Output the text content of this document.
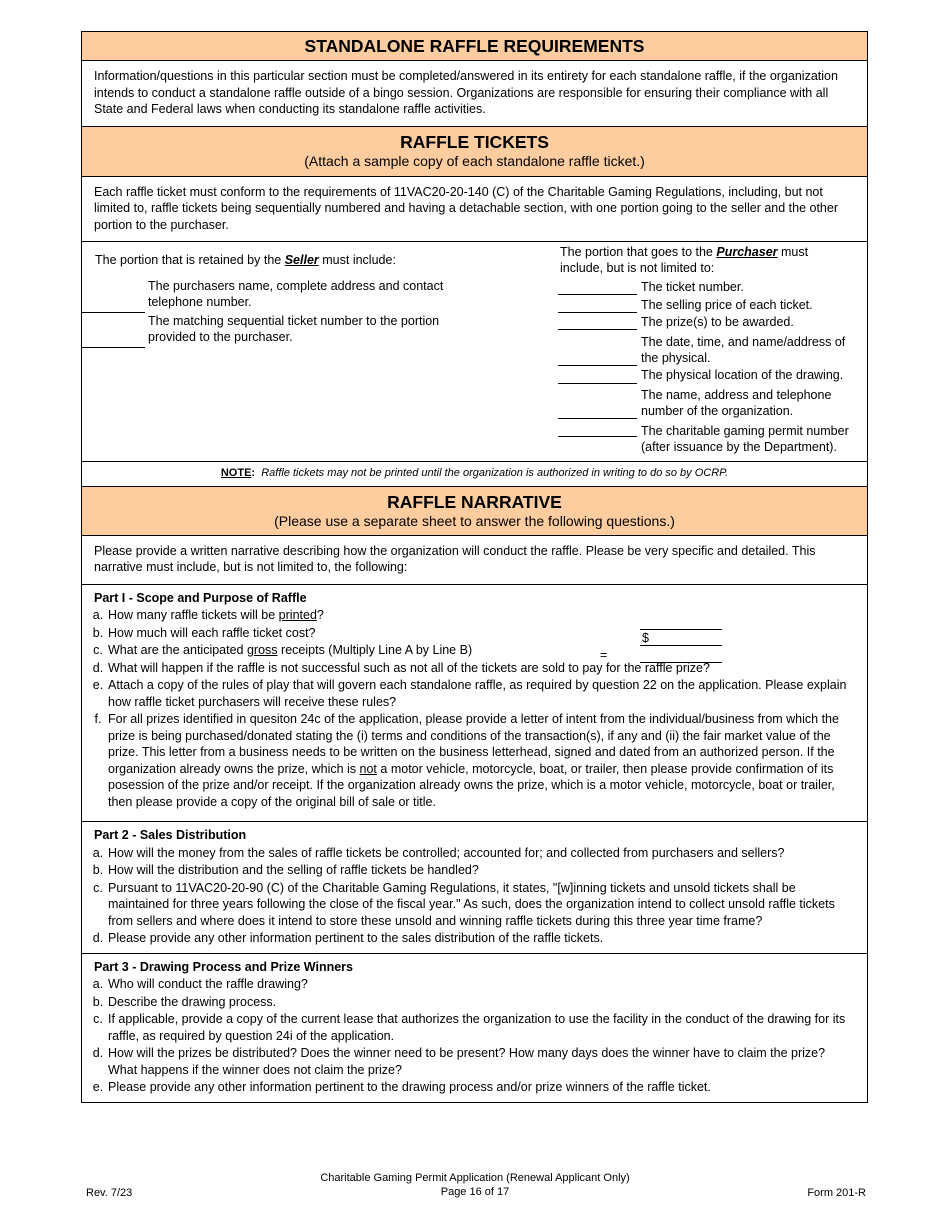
STANDALONE RAFFLE REQUIREMENTS
Information/questions in this particular section must be completed/answered in its entirety for each standalone raffle, if the organization intends to conduct a standalone raffle outside of a bingo session. Organizations are responsible for ensuring their compliance with all State and Federal laws when conducting its standalone raffle activities.
RAFFLE TICKETS
(Attach a sample copy of each standalone raffle ticket.)
Each raffle ticket must conform to the requirements of 11VAC20-20-140 (C) of the Charitable Gaming Regulations, including, but not limited to, raffle tickets being sequentially numbered and having a detachable section, with one portion going to the seller and the other portion to the purchaser.
The portion that is retained by the Seller must include:
The purchasers name, complete address and contact telephone number.
The matching sequential ticket number to the portion provided to the purchaser.
The portion that goes to the Purchaser must include, but is not limited to:
The ticket number.
The selling price of each ticket.
The prize(s) to be awarded.
The date, time, and name/address of the physical.
The physical location of the drawing.
The name, address and telephone number of the organization.
The charitable gaming permit number (after issuance by the Department).
NOTE: Raffle tickets may not be printed until the organization is authorized in writing to do so by OCRP.
RAFFLE NARRATIVE
(Please use a separate sheet to answer the following questions.)
Please provide a written narrative describing how the organization will conduct the raffle. Please be very specific and detailed. This narrative must include, but is not limited to, the following:
Part I - Scope and Purpose of Raffle
a. How many raffle tickets will be printed?
b. How much will each raffle ticket cost?
c. What are the anticipated gross receipts (Multiply Line A by Line B)
$
=
d. What will happen if the raffle is not successful such as not all of the tickets are sold to pay for the raffle prize?
e. Attach a copy of the rules of play that will govern each standalone raffle, as required by question 22 on the application. Please explain how raffle ticket purchasers will receive these rules?
f. For all prizes identified in quesiton 24c of the application, please provide a letter of intent from the individual/business from which the prize is being purchased/donated stating the (i) terms and conditions of the transaction(s), if any and (ii) the fair market value of the prize. This letter from a business needs to be written on the business letterhead, signed and dated from an authorized person. If the organization already owns the prize, which is not a motor vehicle, motorcycle, boat, or trailer, then please provide confirmation of its posession of the prize and/or receipt. If the organization already owns the prize, which is a motor vehicle, motorcycle, boat or trailer, then please provide a copy of the original bill of sale or title.
Part 2 - Sales Distribution
a. How will the money from the sales of raffle tickets be controlled; accounted for; and collected from purchasers and sellers?
b. How will the distribution and the selling of raffle tickets be handled?
c. Pursuant to 11VAC20-20-90 (C) of the Charitable Gaming Regulations, it states, "[w]inning tickets and unsold tickets shall be maintained for three years following the close of the fiscal year." As such, does the organization intend to collect unsold raffle tickets from sellers and where does it intend to store these unsold and winning raffle tickets during this three year time frame?
d. Please provide any other information pertinent to the sales distribution of the raffle tickets.
Part 3 - Drawing Process and Prize Winners
a. Who will conduct the raffle drawing?
b. Describe the drawing process.
c. If applicable, provide a copy of the current lease that authorizes the organization to use the facility in the conduct of the drawing for its raffle, as required by question 24i of the application.
d. How will the prizes be distributed? Does the winner need to be present? How many days does the winner have to claim the prize? What happens if the winner does not claim the prize?
e. Please provide any other information pertinent to the drawing process and/or prize winners of the raffle ticket.
Rev. 7/23
Charitable Gaming Permit Application (Renewal Applicant Only)
Page 16 of 17	Form 201-R
